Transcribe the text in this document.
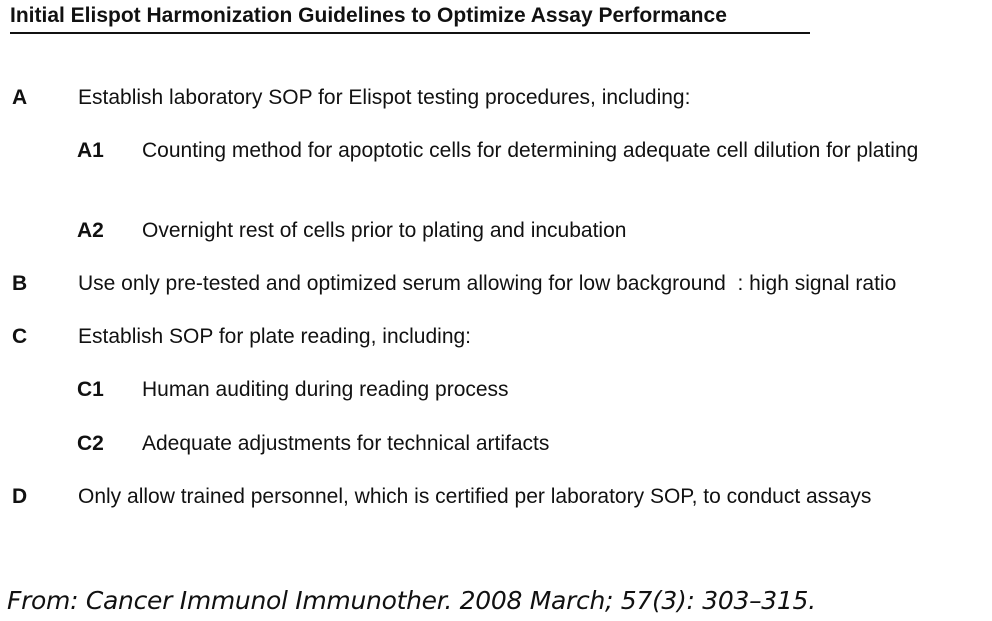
Initial Elispot Harmonization Guidelines to Optimize Assay Performance
A Establish laboratory SOP for Elispot testing procedures, including:
A1 Counting method for apoptotic cells for determining adequate cell dilution for plating
A2 Overnight rest of cells prior to plating and incubation
B Use only pre-tested and optimized serum allowing for low background  : high signal ratio
C Establish SOP for plate reading, including:
C1 Human auditing during reading process
C2 Adequate adjustments for technical artifacts
D Only allow trained personnel, which is certified per laboratory SOP, to conduct assays
From: Cancer Immunol Immunother. 2008 March; 57(3): 303–315.
